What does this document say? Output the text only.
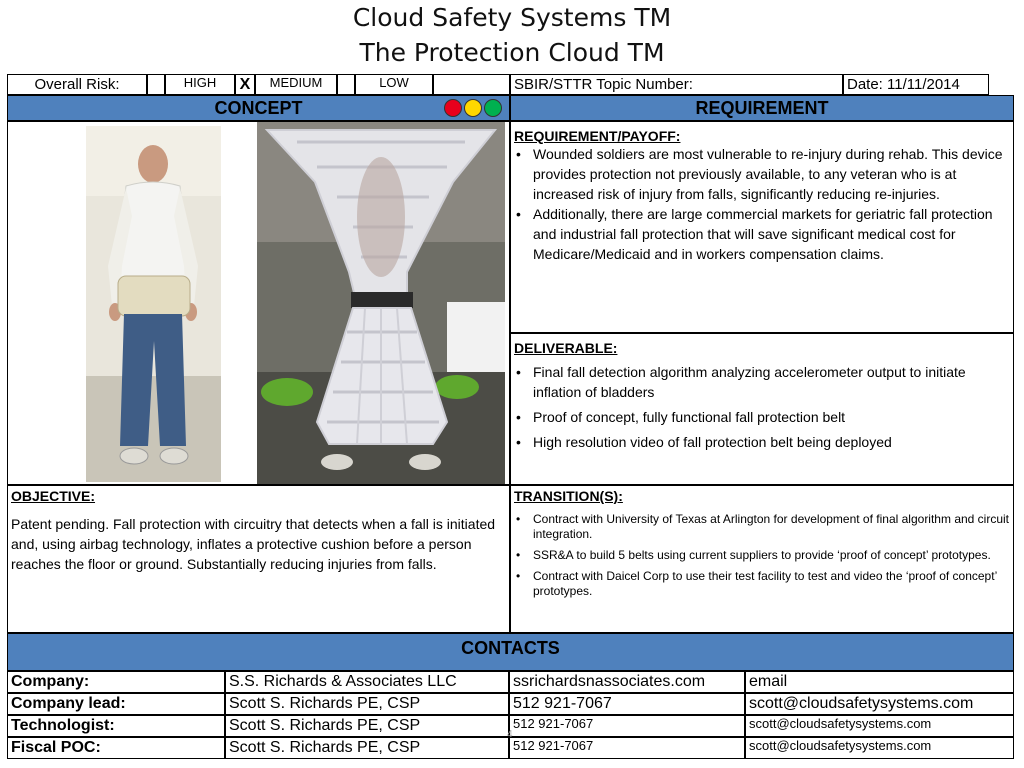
Cloud Safety Systems TM
The Protection Cloud TM
Overall Risk:	HIGH	X	MEDIUM	LOW	SBIR/STTR Topic Number:	Date: 11/11/2014
CONCEPT	REQUIREMENT
REQUIREMENT/PAYOFF:
• Wounded soldiers are most vulnerable to re-injury during rehab. This device provides protection not previously available, to any veteran who is at increased risk of injury from falls, significantly reducing re-injuries.
• Additionally, there are large commercial markets for geriatric fall protection and industrial fall protection that will save significant medical cost for Medicare/Medicaid and in workers compensation claims.
DELIVERABLE:
• Final fall detection algorithm analyzing accelerometer output to initiate inflation of bladders
• Proof of concept, fully functional fall protection belt
• High resolution video of fall protection belt being deployed
OBJECTIVE:
Patent pending. Fall protection with circuitry that detects when a fall is initiated and, using airbag technology, inflates a protective cushion before a person reaches the floor or ground. Substantially reducing injuries from falls.
TRANSITION(S):
• Contract with University of Texas at Arlington for development of final algorithm and circuit integration.
• SSR&A to build 5 belts using current suppliers to provide ‘proof of concept’ prototypes.
• Contract with Daicel Corp to use their test facility to test and video the ‘proof of concept’ prototypes.
CONTACTS
Company:	S.S. Richards & Associates LLC	ssrichardsnassociates.com	email
Company lead:	Scott S. Richards PE, CSP	512 921-7067	scott@cloudsafetysystems.com
Technologist:	Scott S. Richards PE, CSP	512 921-7067	scott@cloudsafetysystems.com
Fiscal POC:	Scott S. Richards PE, CSP	512 921-7067	scott@cloudsafetysystems.com
4
